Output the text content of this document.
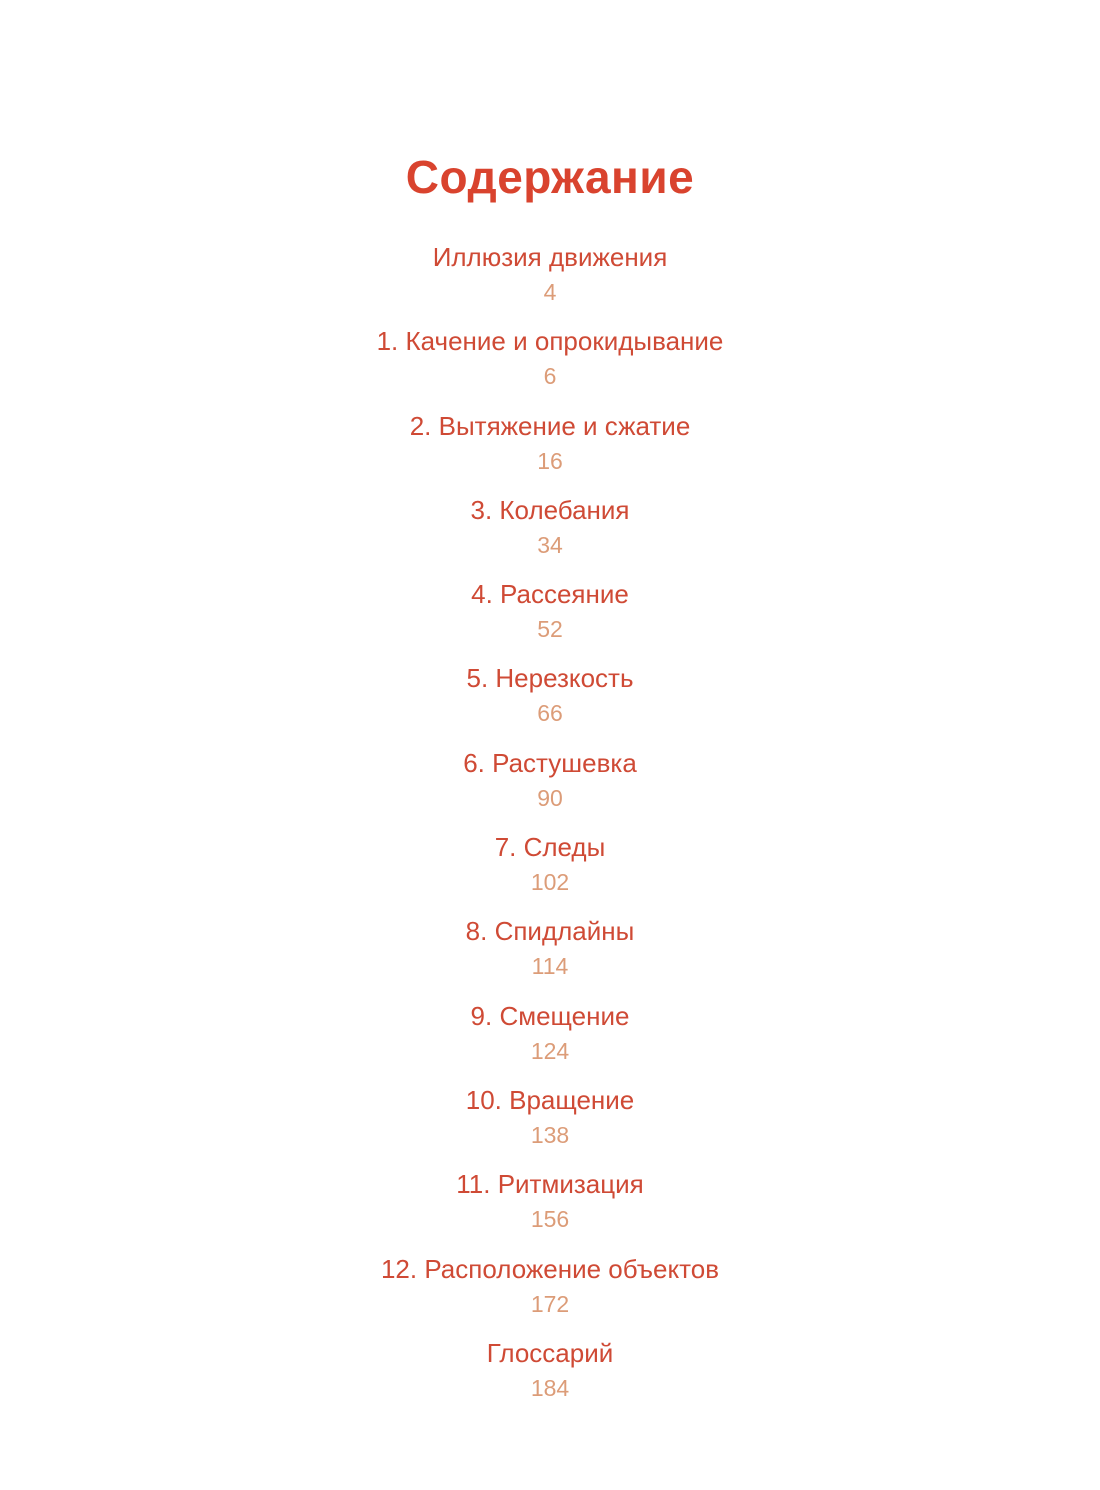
Содержание
Иллюзия движения
4
1. Качение и опрокидывание
6
2. Вытяжение и сжатие
16
3. Колебания
34
4. Рассеяние
52
5. Нерезкость
66
6. Растушевка
90
7. Следы
102
8. Спидлайны
114
9. Смещение
124
10. Вращение
138
11. Ритмизация
156
12. Расположение объектов
172
Глоссарий
184
